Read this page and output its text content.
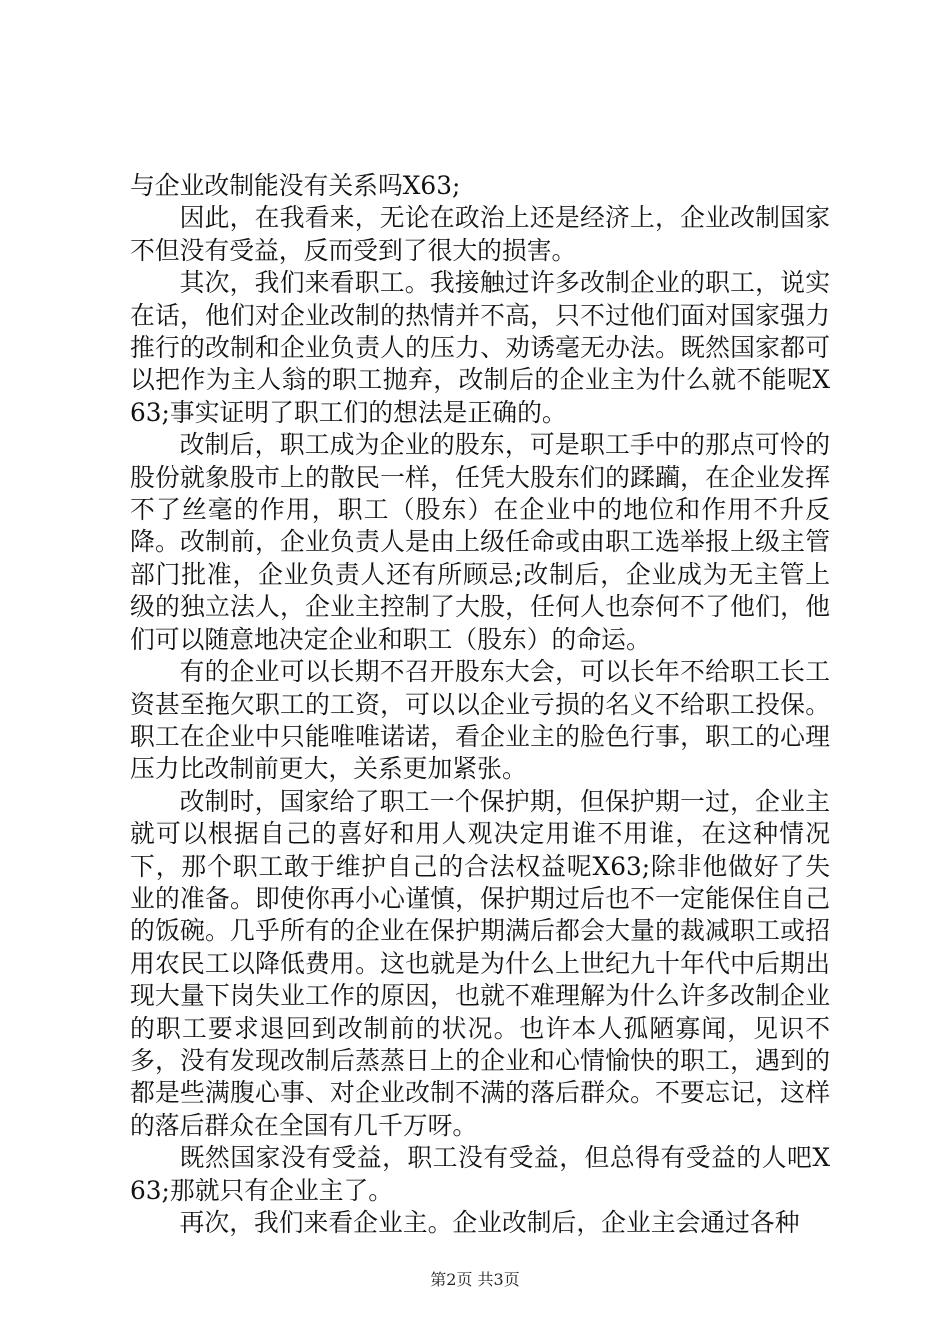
与企业改制能没有关系吗X63;

因此，在我看来，无论在政治上还是经济上，企业改制国家不但没有受益，反而受到了很大的损害。

其次，我们来看职工。我接触过许多改制企业的职工，说实在话，他们对企业改制的热情并不高，只不过他们面对国家强力推行的改制和企业负责人的压力、劝诱毫无办法。既然国家都可以把作为主人翁的职工抛弃，改制后的企业主为什么就不能呢X63;事实证明了职工们的想法是正确的。

改制后，职工成为企业的股东，可是职工手中的那点可怜的股份就象股市上的散民一样，任凭大股东们的蹂躏，在企业发挥不了丝毫的作用，职工（股东）在企业中的地位和作用不升反降。改制前，企业负责人是由上级任命或由职工选举报上级主管部门批准，企业负责人还有所顾忌;改制后，企业成为无主管上级的独立法人，企业主控制了大股，任何人也奈何不了他们，他们可以随意地决定企业和职工（股东）的命运。

有的企业可以长期不召开股东大会，可以长年不给职工长工资甚至拖欠职工的工资，可以以企业亏损的名义不给职工投保。职工在企业中只能唯唯诺诺，看企业主的脸色行事，职工的心理压力比改制前更大，关系更加紧张。

改制时，国家给了职工一个保护期，但保护期一过，企业主就可以根据自己的喜好和用人观决定用谁不用谁，在这种情况下，那个职工敢于维护自己的合法权益呢X63;除非他做好了失业的准备。即使你再小心谨慎，保护期过后也不一定能保住自己的饭碗。几乎所有的企业在保护期满后都会大量的裁减职工或招用农民工以降低费用。这也就是为什么上世纪九十年代中后期出现大量下岗失业工作的原因，也就不难理解为什么许多改制企业的职工要求退回到改制前的状况。也许本人孤陋寡闻，见识不多，没有发现改制后蒸蒸日上的企业和心情愉快的职工，遇到的都是些满腹心事、对企业改制不满的落后群众。不要忘记，这样的落后群众在全国有几千万呀。

既然国家没有受益，职工没有受益，但总得有受益的人吧X63;那就只有企业主了。

再次，我们来看企业主。企业改制后，企业主会通过各种

第2页 共3页
